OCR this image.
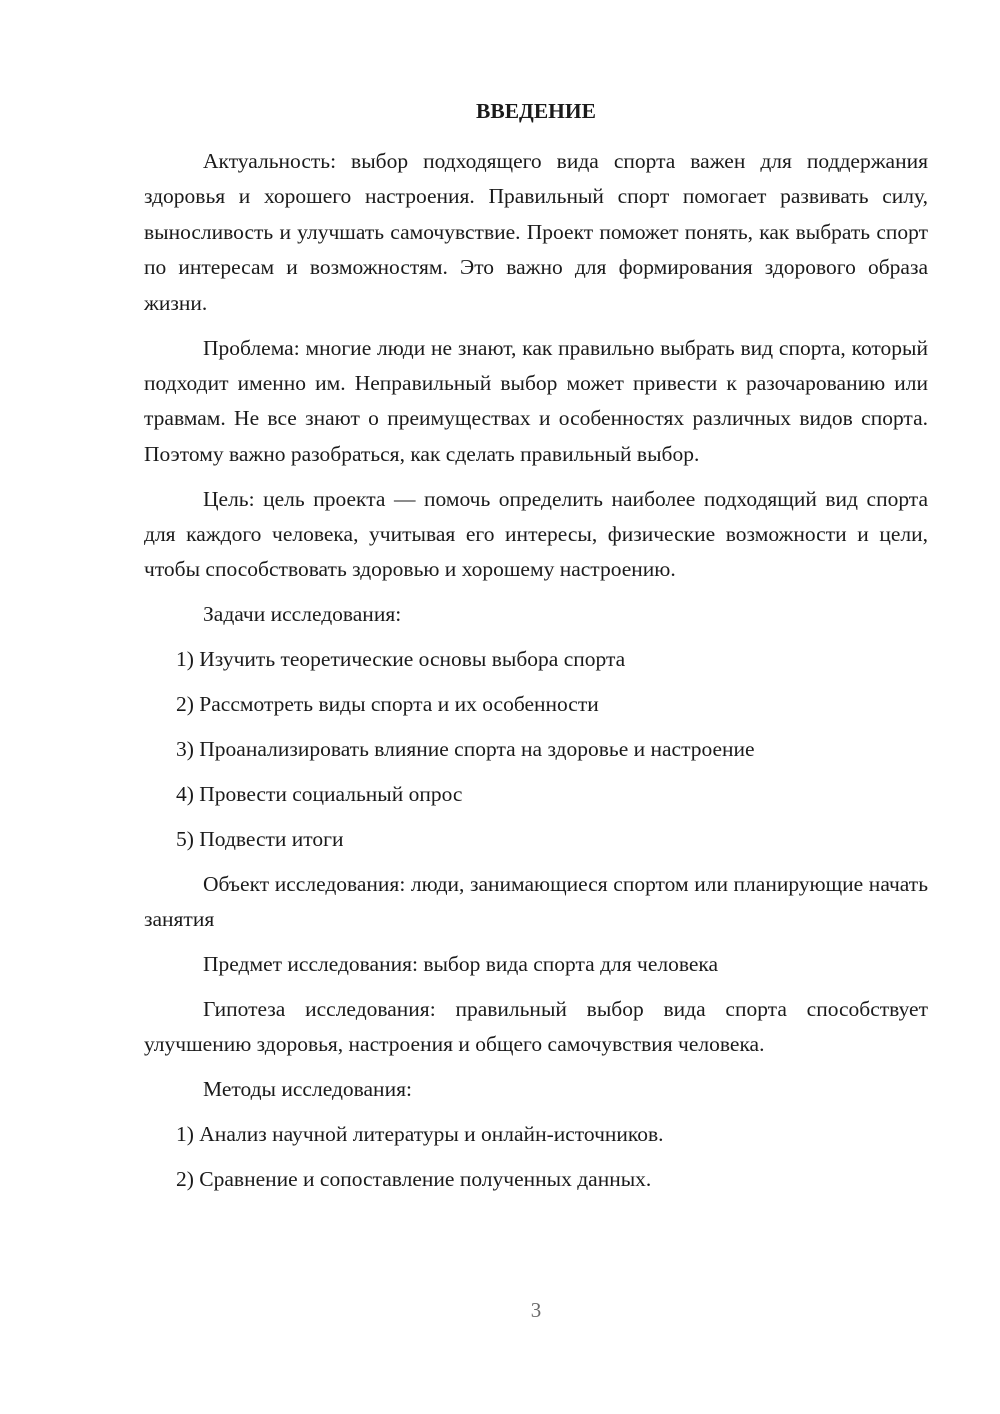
ВВЕДЕНИЕ

Актуальность: выбор подходящего вида спорта важен для поддержания здоровья и хорошего настроения. Правильный спорт помогает развивать силу, выносливость и улучшать самочувствие. Проект поможет понять, как выбрать спорт по интересам и возможностям. Это важно для формирования здорового образа жизни.

Проблема: многие люди не знают, как правильно выбрать вид спорта, который подходит именно им. Неправильный выбор может привести к разочарованию или травмам. Не все знают о преимуществах и особенностях различных видов спорта. Поэтому важно разобраться, как сделать правильный выбор.

Цель: цель проекта — помочь определить наиболее подходящий вид спорта для каждого человека, учитывая его интересы, физические возможности и цели, чтобы способствовать здоровью и хорошему настроению.

Задачи исследования:

1) Изучить теоретические основы выбора спорта

2) Рассмотреть виды спорта и их особенности

3) Проанализировать влияние спорта на здоровье и настроение

4) Провести социальный опрос

5) Подвести итоги

Объект исследования: люди, занимающиеся спортом или планирующие начать занятия

Предмет исследования: выбор вида спорта для человека

Гипотеза исследования: правильный выбор вида спорта способствует улучшению здоровья, настроения и общего самочувствия человека.

Методы исследования:

1) Анализ научной литературы и онлайн-источников.

2) Сравнение и сопоставление полученных данных.

3
